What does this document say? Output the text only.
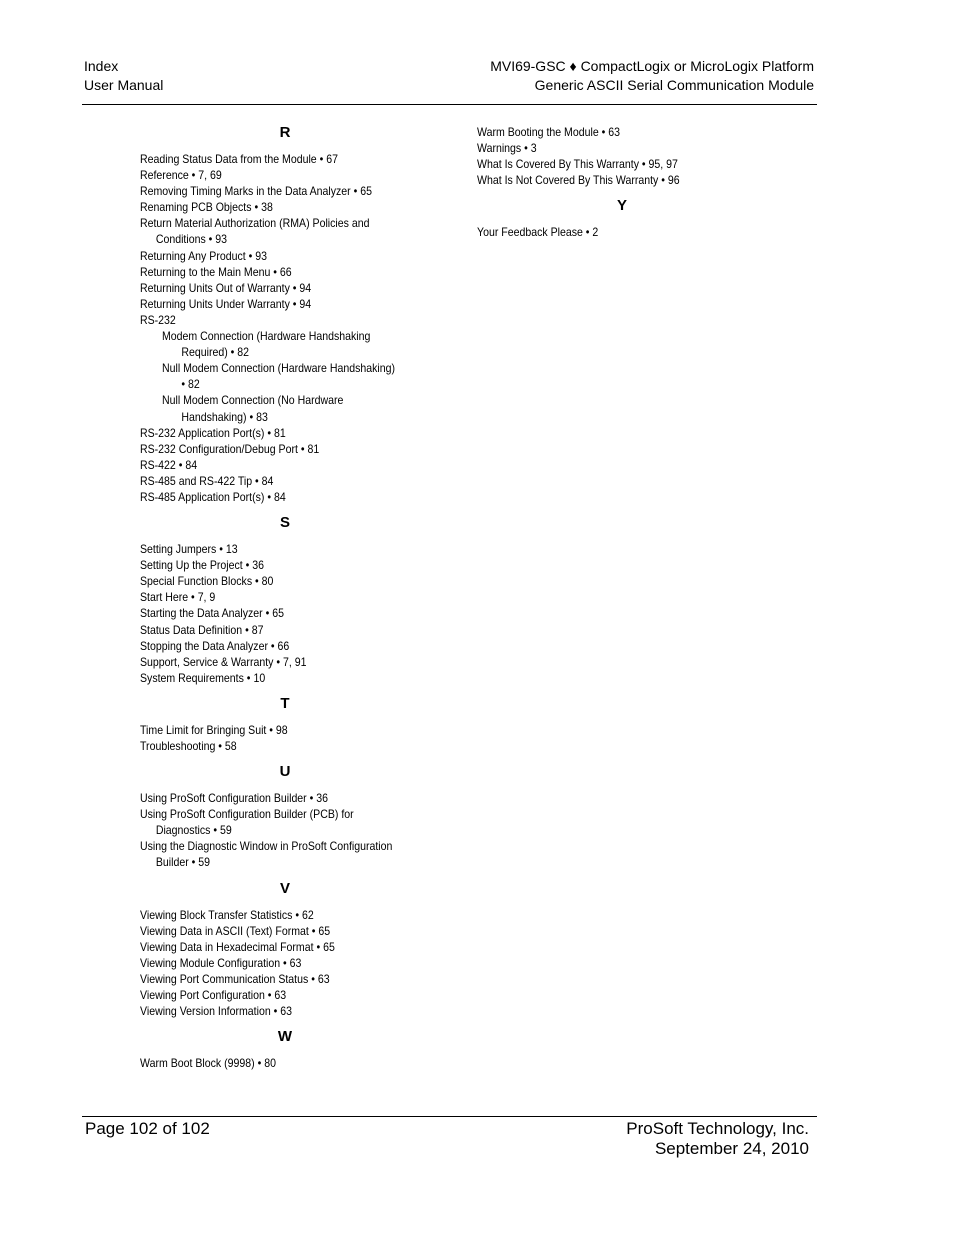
Index
User Manual
MVI69-GSC ♦ CompactLogix or MicroLogix Platform
Generic ASCII Serial Communication Module
R
Reading Status Data from the Module • 67
Reference • 7, 69
Removing Timing Marks in the Data Analyzer • 65
Renaming PCB Objects • 38
Return Material Authorization (RMA) Policies and
Conditions • 93
Returning Any Product • 93
Returning to the Main Menu • 66
Returning Units Out of Warranty • 94
Returning Units Under Warranty • 94
RS-232
Modem Connection (Hardware Handshaking
Required) • 82
Null Modem Connection (Hardware Handshaking)
• 82
Null Modem Connection (No Hardware
Handshaking) • 83
RS-232 Application Port(s) • 81
RS-232 Configuration/Debug Port • 81
RS-422 • 84
RS-485 and RS-422 Tip • 84
RS-485 Application Port(s) • 84
S
Setting Jumpers • 13
Setting Up the Project • 36
Special Function Blocks • 80
Start Here • 7, 9
Starting the Data Analyzer • 65
Status Data Definition • 87
Stopping the Data Analyzer • 66
Support, Service & Warranty • 7, 91
System Requirements • 10
T
Time Limit for Bringing Suit • 98
Troubleshooting • 58
U
Using ProSoft Configuration Builder • 36
Using ProSoft Configuration Builder (PCB) for
Diagnostics • 59
Using the Diagnostic Window in ProSoft Configuration
Builder • 59
V
Viewing Block Transfer Statistics • 62
Viewing Data in ASCII (Text) Format • 65
Viewing Data in Hexadecimal Format • 65
Viewing Module Configuration • 63
Viewing Port Communication Status • 63
Viewing Port Configuration • 63
Viewing Version Information • 63
W
Warm Boot Block (9998) • 80
Warm Booting the Module • 63
Warnings • 3
What Is Covered By This Warranty • 95, 97
What Is Not Covered By This Warranty • 96
Y
Your Feedback Please • 2
Page 102 of 102	ProSoft Technology, Inc.
September 24, 2010
